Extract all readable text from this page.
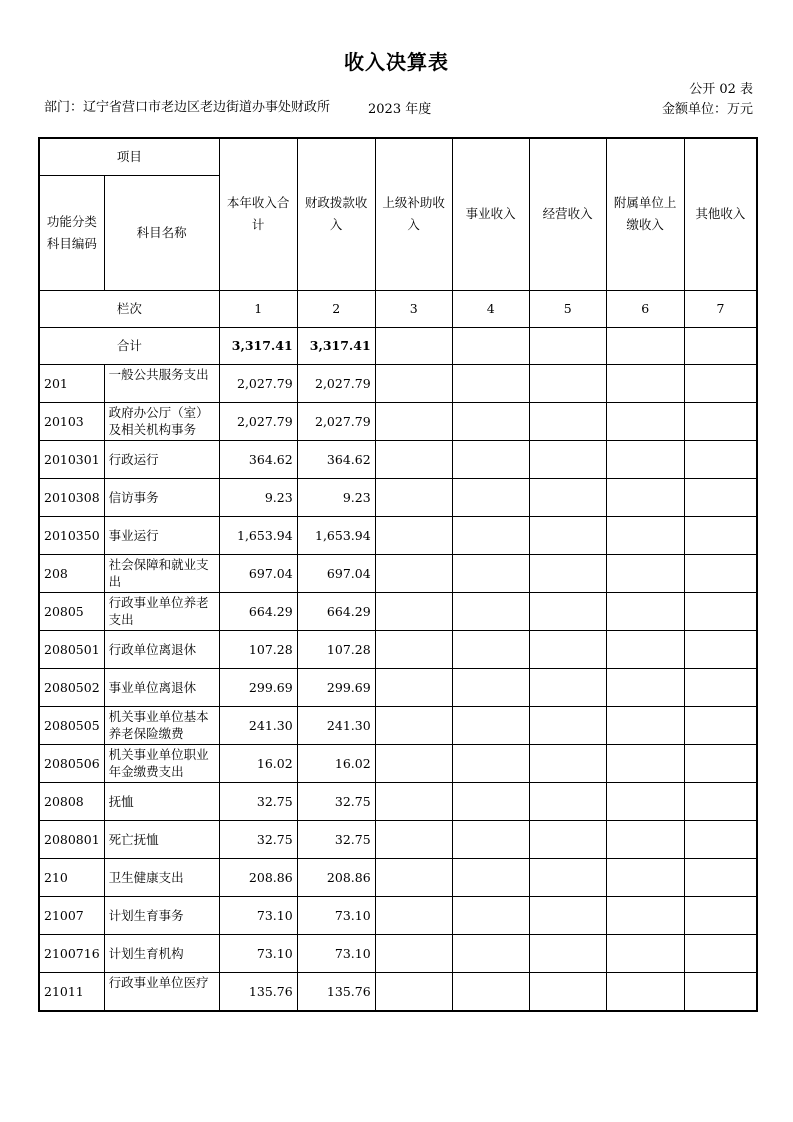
收入决算表
公开 02 表
部门：辽宁省营口市老边区老边街道办事处财政所	2023 年度	金额单位：万元
项目		本年收入合计	财政拨款收入	上级补助收入	事业收入	经营收入	附属单位上缴收入	其他收入
功能分类科目编码	科目名称							
栏次		1	2	3	4	5	6	7
合计		3,317.41	3,317.41					
201	一般公共服务支出	2,027.79	2,027.79					
20103	政府办公厅（室）及相关机构事务	2,027.79	2,027.79					
2010301	行政运行	364.62	364.62					
2010308	信访事务	9.23	9.23					
2010350	事业运行	1,653.94	1,653.94					
208	社会保障和就业支出	697.04	697.04					
20805	行政事业单位养老支出	664.29	664.29					
2080501	行政单位离退休	107.28	107.28					
2080502	事业单位离退休	299.69	299.69					
2080505	机关事业单位基本养老保险缴费	241.30	241.30					
2080506	机关事业单位职业年金缴费支出	16.02	16.02					
20808	抚恤	32.75	32.75					
2080801	死亡抚恤	32.75	32.75					
210	卫生健康支出	208.86	208.86					
21007	计划生育事务	73.10	73.10					
2100716	计划生育机构	73.10	73.10					
21011	行政事业单位医疗	135.76	135.76					
